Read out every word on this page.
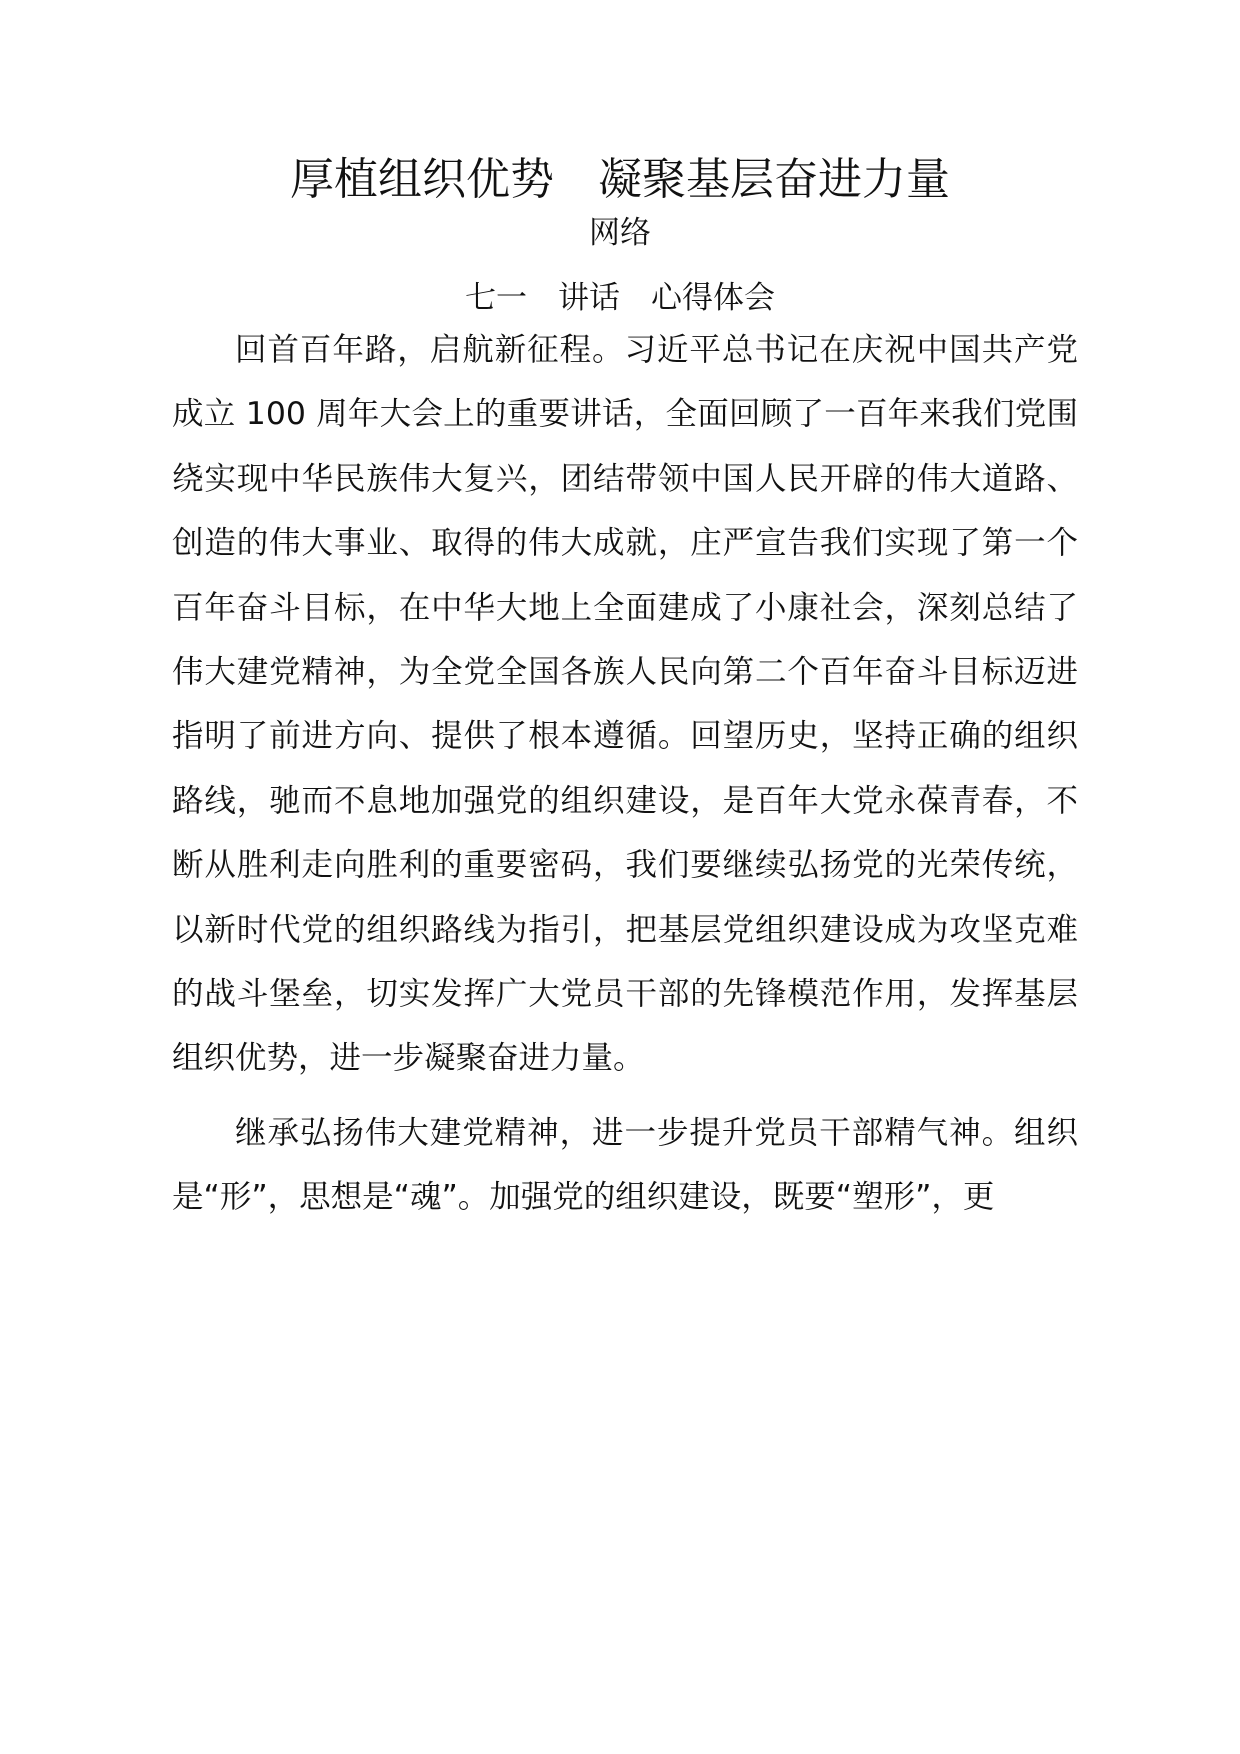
厚植组织优势　凝聚基层奋进力量
网络
七一　讲话　心得体会

回首百年路，启航新征程。习近平总书记在庆祝中国共产党成立 100 周年大会上的重要讲话，全面回顾了一百年来我们党围绕实现中华民族伟大复兴，团结带领中国人民开辟的伟大道路、创造的伟大事业、取得的伟大成就，庄严宣告我们实现了第一个百年奋斗目标，在中华大地上全面建成了小康社会，深刻总结了伟大建党精神，为全党全国各族人民向第二个百年奋斗目标迈进指明了前进方向、提供了根本遵循。回望历史，坚持正确的组织路线，驰而不息地加强党的组织建设，是百年大党永葆青春，不断从胜利走向胜利的重要密码，我们要继续弘扬党的光荣传统，以新时代党的组织路线为指引，把基层党组织建设成为攻坚克难的战斗堡垒，切实发挥广大党员干部的先锋模范作用，发挥基层组织优势，进一步凝聚奋进力量。

继承弘扬伟大建党精神，进一步提升党员干部精气神。组织是“形”，思想是“魂”。加强党的组织建设，既要“塑形”，更
